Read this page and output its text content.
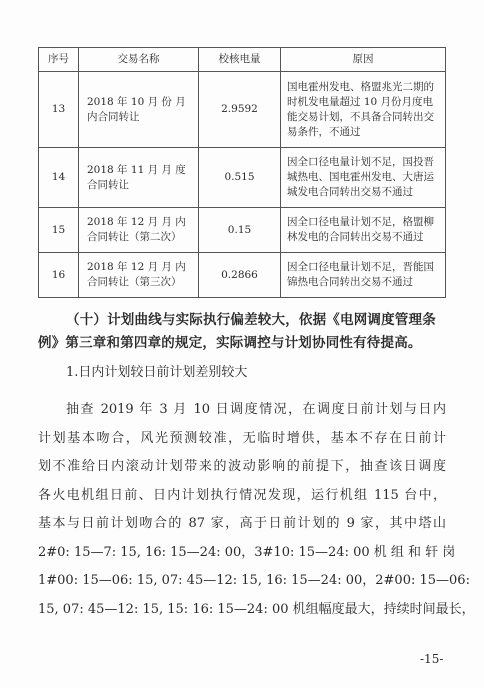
序号	交易名称	校核电量	原因
13	2018 年 10 月 份 月内合同转让	2.9592	国电霍州发电、格盟兆光二期的时机发电量超过 10 月份月度电能交易计划，不具备合同转出交易条件，不通过
14	2018 年 11 月 月 度合同转让	0.515	因全口径电量计划不足，国投晋城热电、国电霍州发电、大唐运城发电合同转出交易不通过
15	2018 年 12 月 月 内合同转让（第二次）	0.15	因全口径电量计划不足，格盟柳林发电的合同转出交易不通过
16	2018 年 12 月 月 内合同转让（第三次）	0.2866	因全口径电量计划不足，晋能国锦热电合同转出交易不通过
（十）计划曲线与实际执行偏差较大，依据《电网调度管理条例》第三章和第四章的规定，实际调控与计划协同性有待提高。
1.日内计划较日前计划差别较大
抽查 2019 年 3 月 10 日调度情况，在调度日前计划与日内
计划基本吻合，风光预测较准，无临时增供，基本不存在日前计
划不准给日内滚动计划带来的波动影响的前提下，抽查该日调度
各火电机组日前、日内计划执行情况发现，运行机组 115 台中，
基本与日前计划吻合的 87 家，高于日前计划的 9 家，其中塔山
2#0: 15—7: 15, 16: 15—24: 00，3#10: 15—24: 00 机 组 和 轩 岗
1#00: 15—06: 15, 07: 45—12: 15, 16: 15—24: 00，2#00: 15—06:
15, 07: 45—12: 15, 15: 16: 15—24: 00 机组幅度最大，持续时间最长，
-15-
